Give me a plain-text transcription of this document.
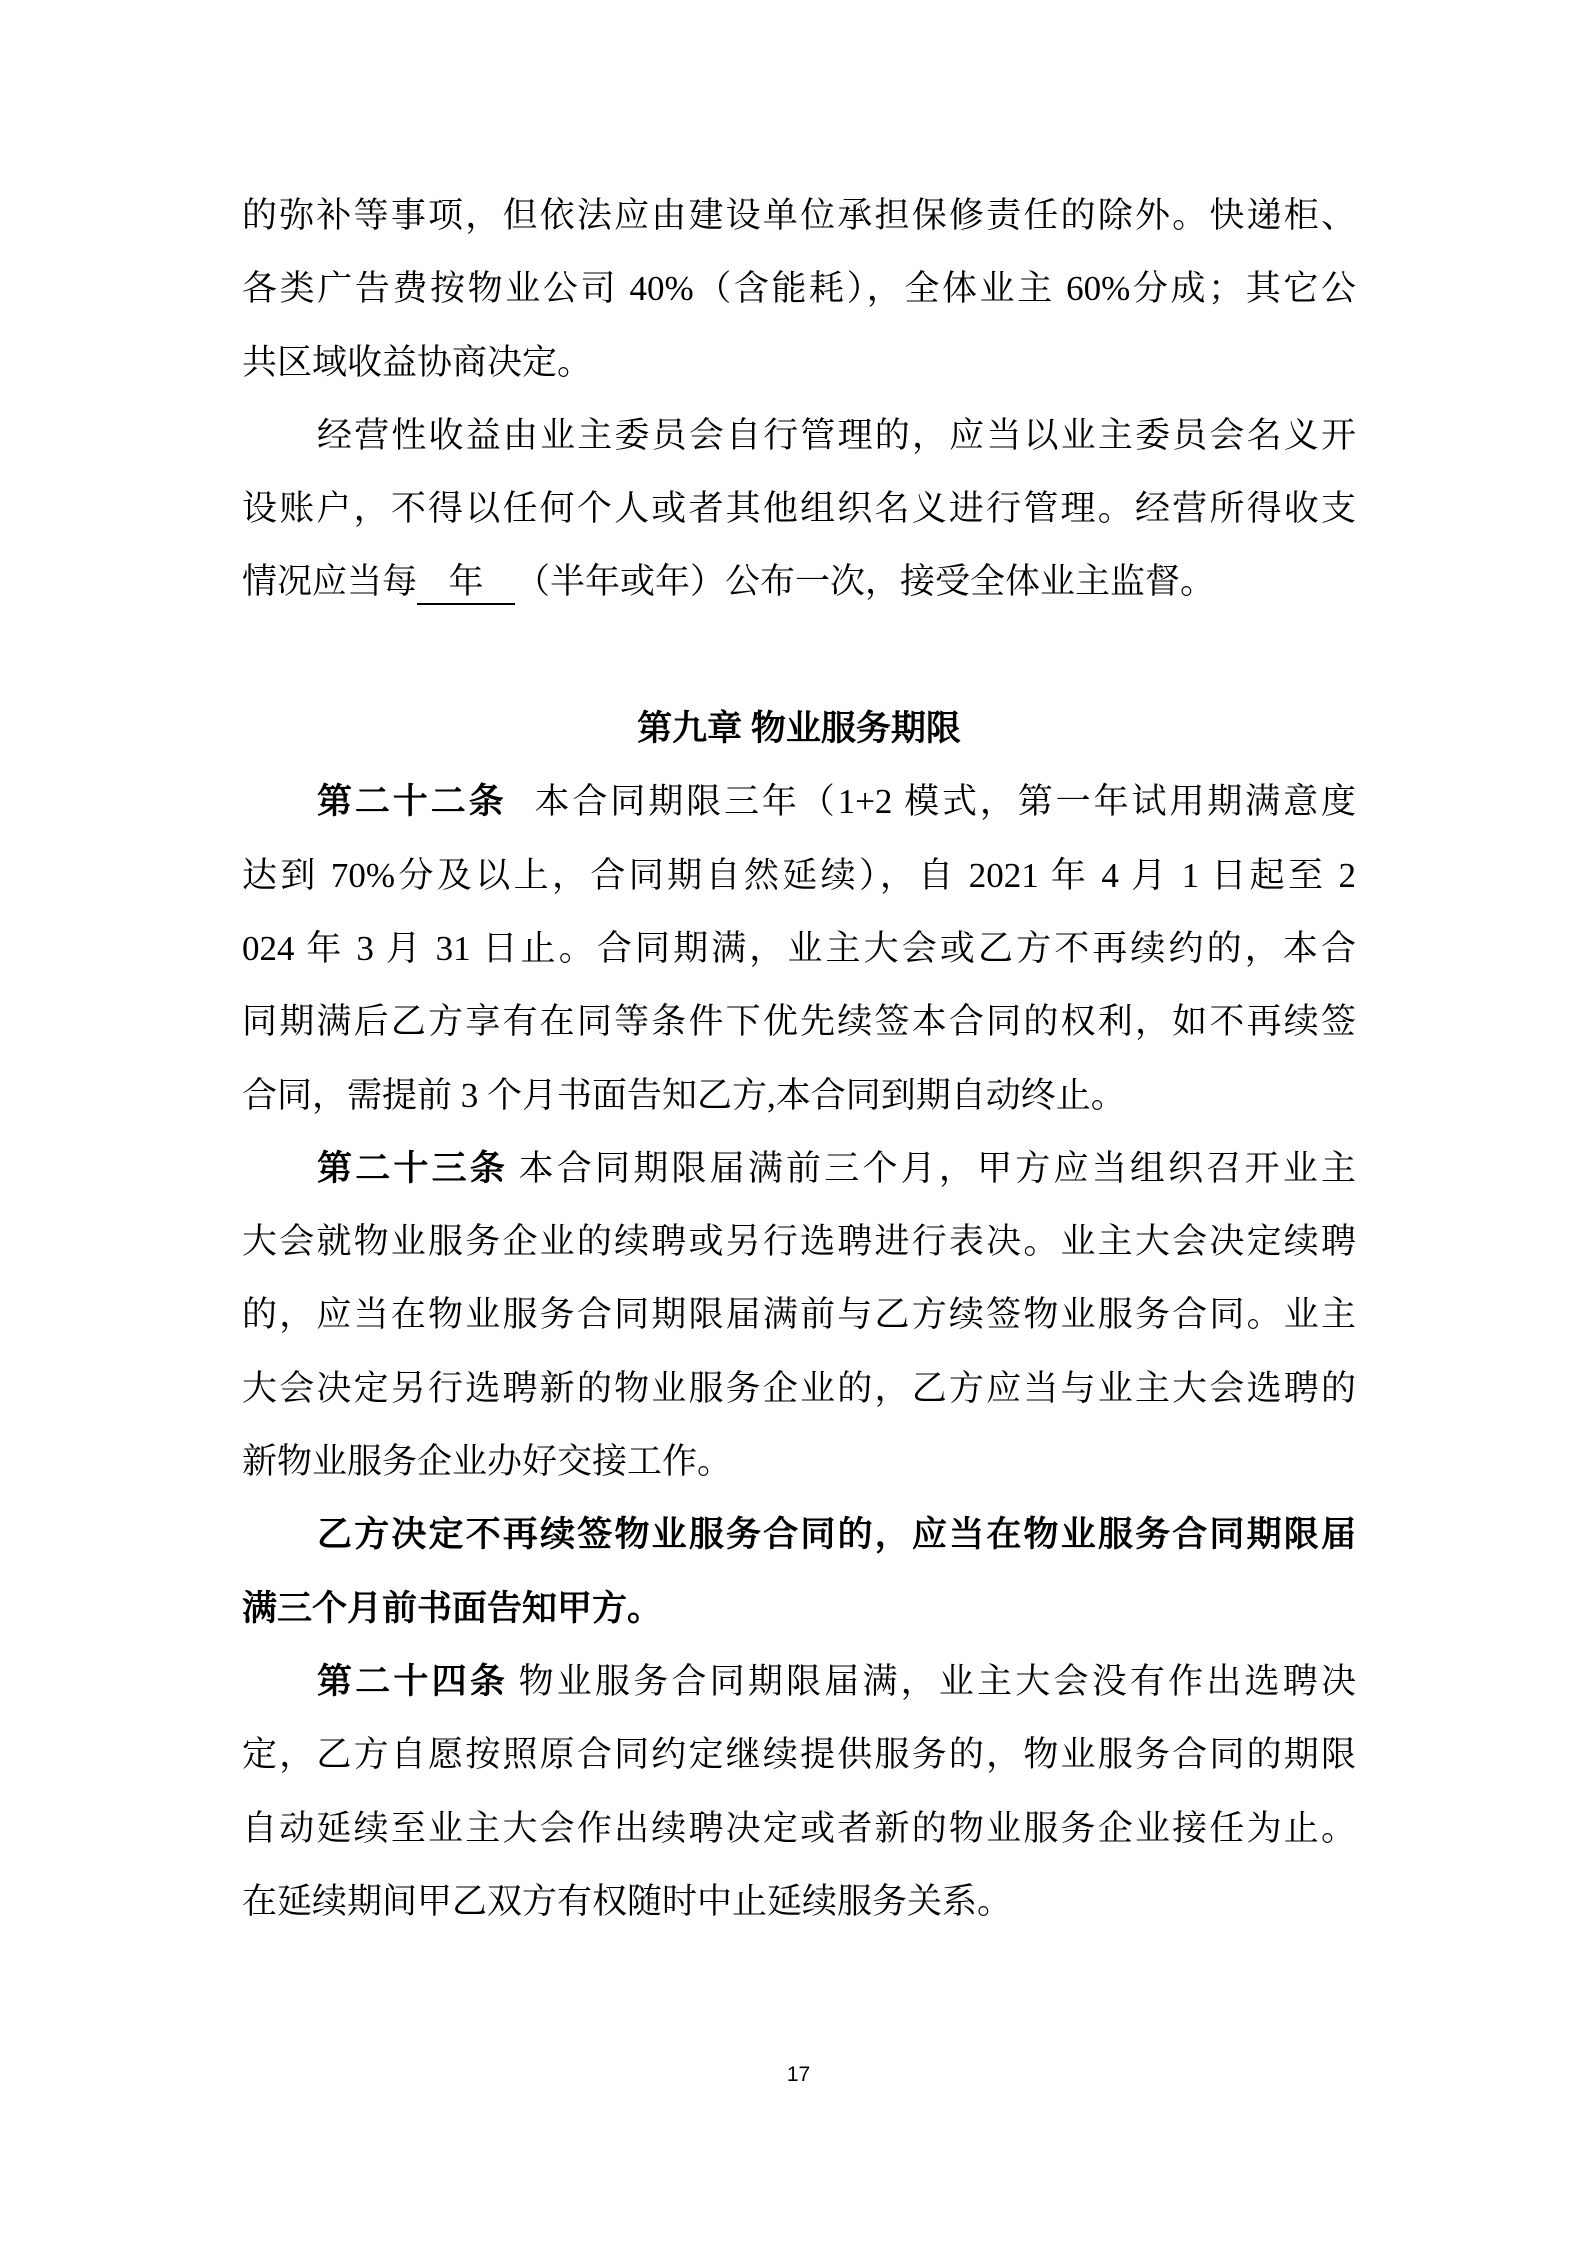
的弥补等事项，但依法应由建设单位承担保修责任的除外。快递柜、
各类广告费按物业公司 40%（含能耗），全体业主 60%分成；其它公
共区域收益协商决定。
经营性收益由业主委员会自行管理的，应当以业主委员会名义开
设账户，不得以任何个人或者其他组织名义进行管理。经营所得收支
情况应当每 年 （半年或年）公布一次，接受全体业主监督。
第九章 物业服务期限
第二十二条 本合同期限三年（1+2 模式，第一年试用期满意度
达到 70%分及以上，合同期自然延续），自 2021 年 4 月 1 日起至 2
024 年 3 月 31 日止。合同期满，业主大会或乙方不再续约的，本合
同期满后乙方享有在同等条件下优先续签本合同的权利，如不再续签
合同，需提前 3 个月书面告知乙方,本合同到期自动终止。
第二十三条 本合同期限届满前三个月，甲方应当组织召开业主
大会就物业服务企业的续聘或另行选聘进行表决。业主大会决定续聘
的，应当在物业服务合同期限届满前与乙方续签物业服务合同。业主
大会决定另行选聘新的物业服务企业的，乙方应当与业主大会选聘的
新物业服务企业办好交接工作。
乙方决定不再续签物业服务合同的，应当在物业服务合同期限届
满三个月前书面告知甲方。
第二十四条 物业服务合同期限届满，业主大会没有作出选聘决
定，乙方自愿按照原合同约定继续提供服务的，物业服务合同的期限
自动延续至业主大会作出续聘决定或者新的物业服务企业接任为止。
在延续期间甲乙双方有权随时中止延续服务关系。
17
